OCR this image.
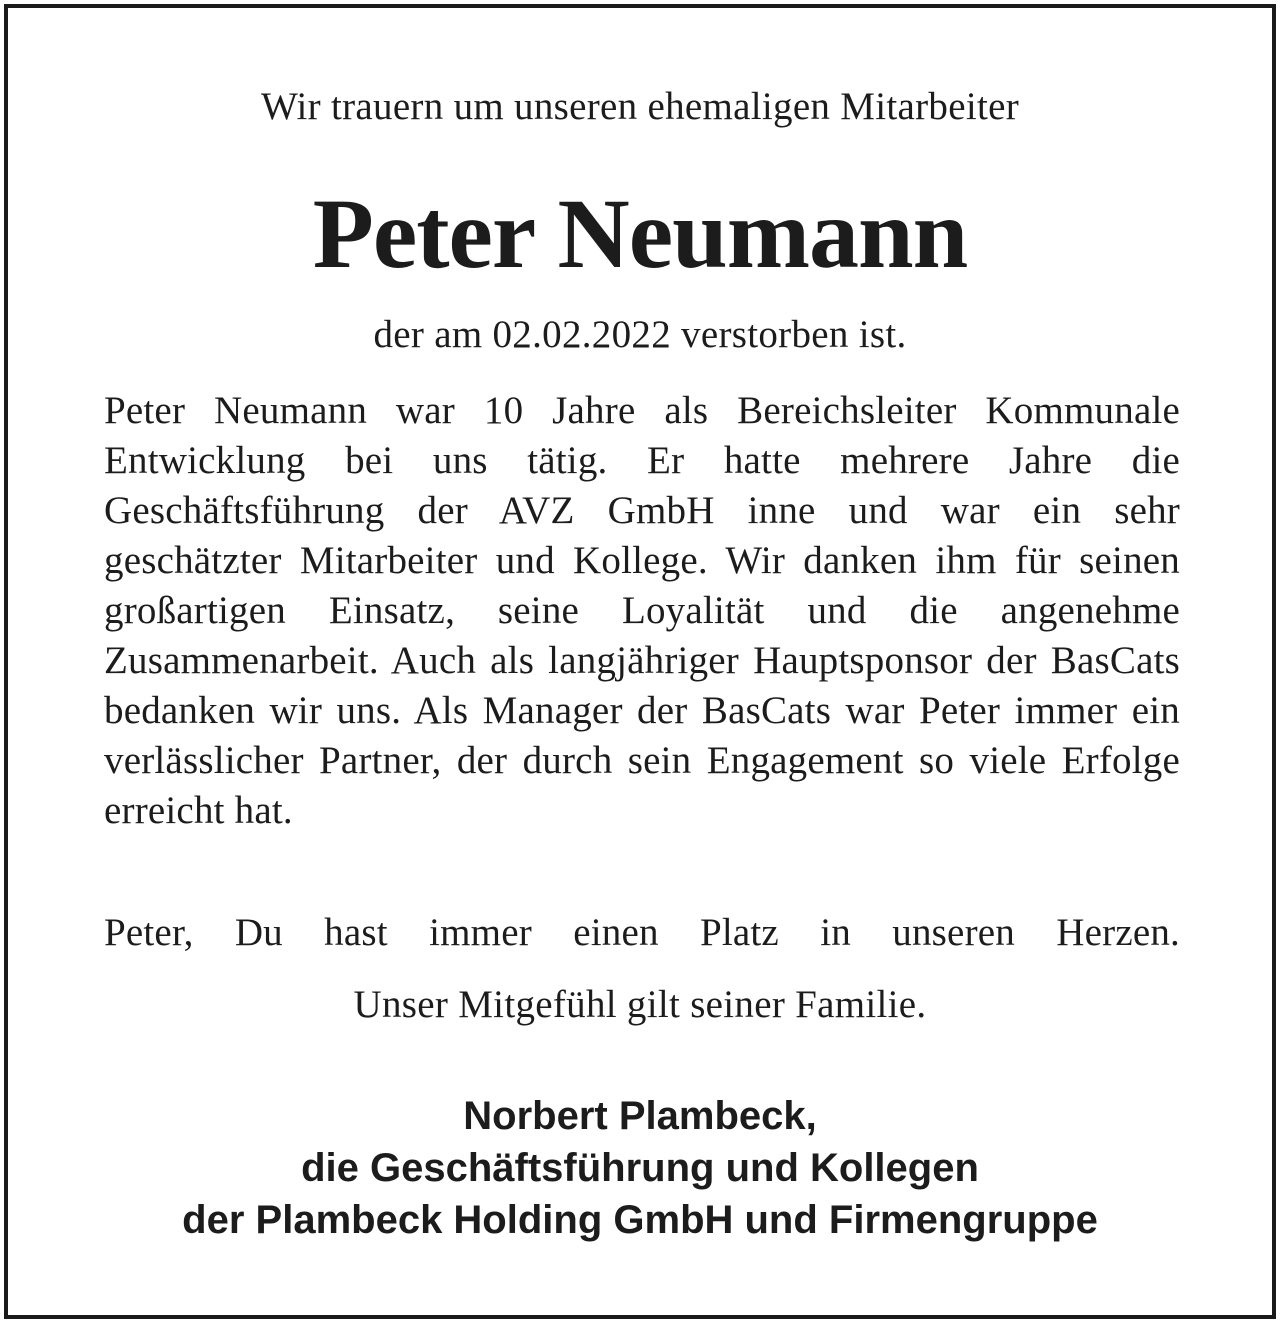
Wir trauern um unseren ehemaligen Mitarbeiter
Peter Neumann
der am 02.02.2022 verstorben ist.

Peter Neumann war 10 Jahre als Bereichsleiter Kommunale Entwicklung bei uns tätig. Er hatte mehrere Jahre die Geschäftsführung der AVZ GmbH inne und war ein sehr geschätzter Mitarbeiter und Kollege. Wir danken ihm für seinen großartigen Einsatz, seine Loyalität und die angenehme Zusammenarbeit. Auch als langjähriger Hauptsponsor der BasCats bedanken wir uns. Als Manager der BasCats war Peter immer ein verlässlicher Partner, der durch sein Engagement so viele Erfolge erreicht hat.

Peter, Du hast immer einen Platz in unseren Herzen.
Unser Mitgefühl gilt seiner Familie.
Norbert Plambeck,
die Geschäftsführung und Kollegen
der Plambeck Holding GmbH und Firmengruppe
